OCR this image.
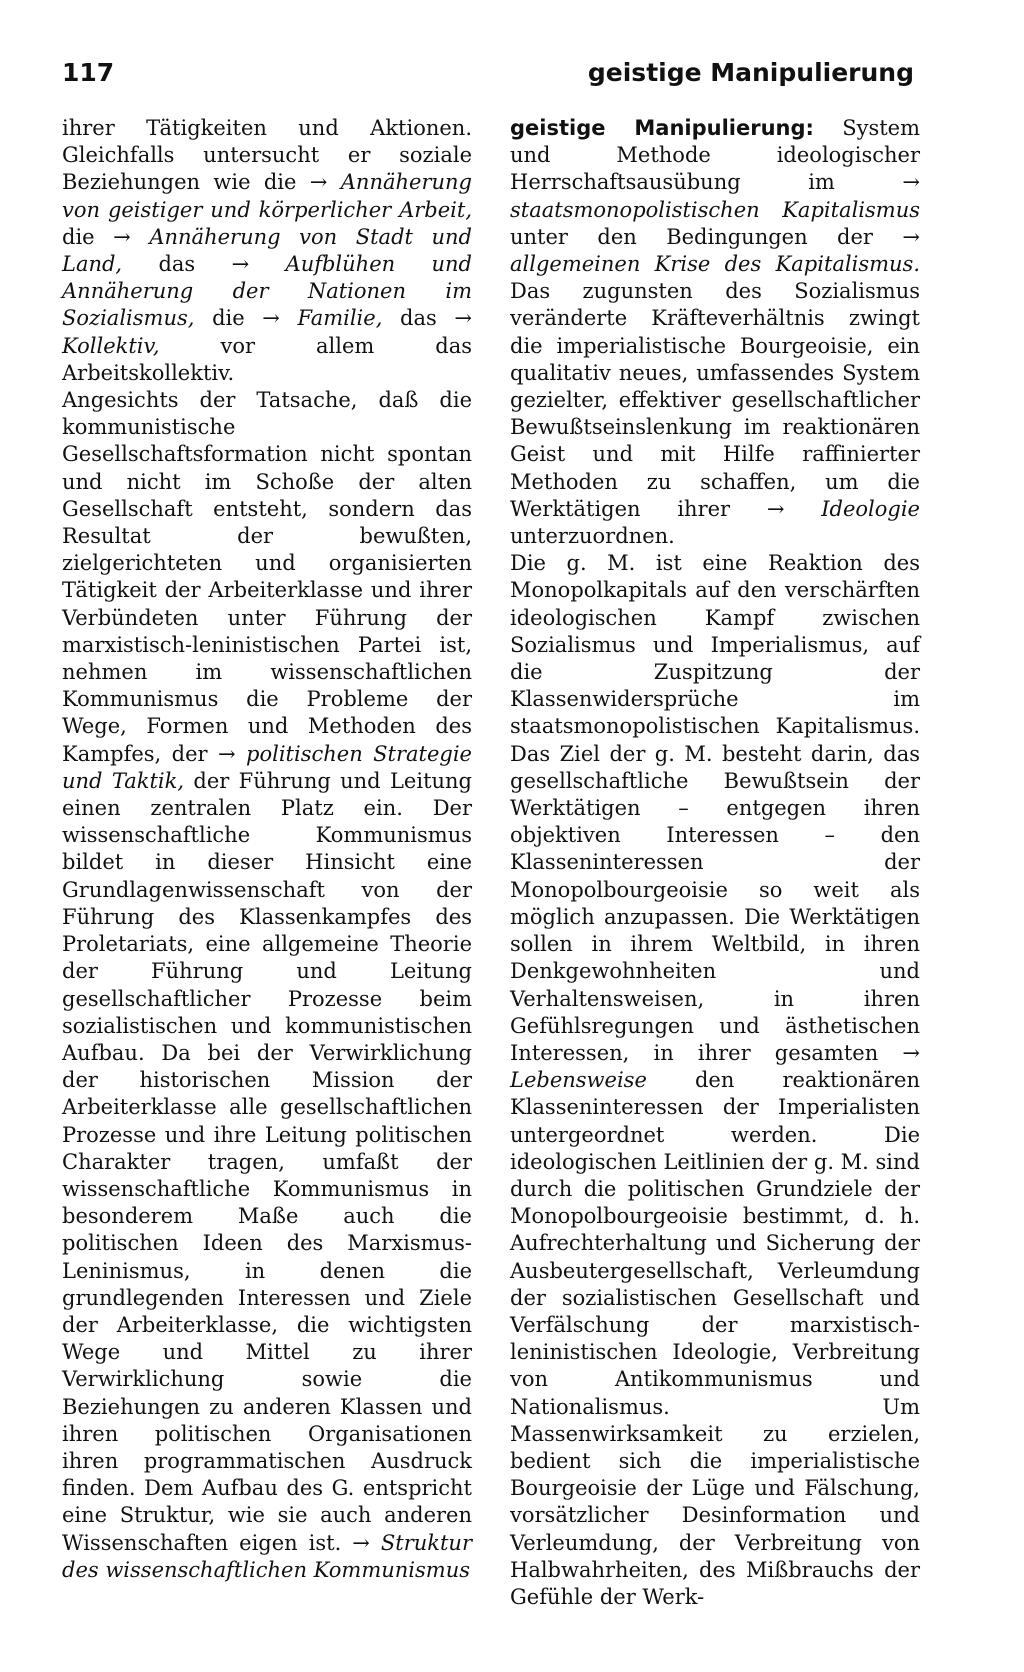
117	geistige Manipulierung

ihrer Tätigkeiten und Aktionen. Gleichfalls untersucht er soziale Beziehungen wie die → Annäherung von geistiger und körperlicher Arbeit, die → Annäherung von Stadt und Land, das → Aufblühen und Annäherung der Nationen im Sozialismus, die → Familie, das → Kollektiv, vor allem das Arbeitskollektiv.

Angesichts der Tatsache, daß die kommunistische Gesellschaftsformation nicht spontan und nicht im Schoße der alten Gesellschaft entsteht, sondern das Resultat der bewußten, zielgerichteten und organisierten Tätigkeit der Arbeiterklasse und ihrer Verbündeten unter Führung der marxistisch-leninistischen Partei ist, nehmen im wissenschaftlichen Kommunismus die Probleme der Wege, Formen und Methoden des Kampfes, der → politischen Strategie und Taktik, der Führung und Leitung einen zentralen Platz ein. Der wissenschaftliche Kommunismus bildet in dieser Hinsicht eine Grundlagenwissenschaft von der Führung des Klassenkampfes des Proletariats, eine allgemeine Theorie der Führung und Leitung gesellschaftlicher Prozesse beim sozialistischen und kommunistischen Aufbau. Da bei der Verwirklichung der historischen Mission der Arbeiterklasse alle gesellschaftlichen Prozesse und ihre Leitung politischen Charakter tragen, umfaßt der wissenschaftliche Kommunismus in besonderem Maße auch die politischen Ideen des Marxismus-Leninismus, in denen die grundlegenden Interessen und Ziele der Arbeiterklasse, die wichtigsten Wege und Mittel zu ihrer Verwirklichung sowie die Beziehungen zu anderen Klassen und ihren politischen Organisationen ihren programmatischen Ausdruck finden. Dem Aufbau des G. entspricht eine Struktur, wie sie auch anderen Wissenschaften eigen ist. → Struktur des wissenschaftlichen Kommunismus

geistige Manipulierung: System und Methode ideologischer Herrschaftsausübung im → staatsmonopolistischen Kapitalismus unter den Bedingungen der → allgemeinen Krise des Kapitalismus. Das zugunsten des Sozialismus veränderte Kräfteverhältnis zwingt die imperialistische Bourgeoisie, ein qualitativ neues, umfassendes System gezielter, effektiver gesellschaftlicher Bewußtseinslenkung im reaktionären Geist und mit Hilfe raffinierter Methoden zu schaffen, um die Werktätigen ihrer → Ideologie unterzuordnen.

Die g. M. ist eine Reaktion des Monopolkapitals auf den verschärften ideologischen Kampf zwischen Sozialismus und Imperialismus, auf die Zuspitzung der Klassenwidersprüche im staatsmonopolistischen Kapitalismus. Das Ziel der g. M. besteht darin, das gesellschaftliche Bewußtsein der Werktätigen – entgegen ihren objektiven Interessen – den Klasseninteressen der Monopolbourgeoisie so weit als möglich anzupassen. Die Werktätigen sollen in ihrem Weltbild, in ihren Denkgewohnheiten und Verhaltensweisen, in ihren Gefühlsregungen und ästhetischen Interessen, in ihrer gesamten → Lebensweise den reaktionären Klasseninteressen der Imperialisten untergeordnet werden. Die ideologischen Leitlinien der g. M. sind durch die politischen Grundziele der Monopolbourgeoisie bestimmt, d. h. Aufrechterhaltung und Sicherung der Ausbeutergesellschaft, Verleumdung der sozialistischen Gesellschaft und Verfälschung der marxistisch-leninistischen Ideologie, Verbreitung von Antikommunismus und Nationalismus. Um Massenwirksamkeit zu erzielen, bedient sich die imperialistische Bourgeoisie der Lüge und Fälschung, vorsätzlicher Desinformation und Verleumdung, der Verbreitung von Halbwahrheiten, des Mißbrauchs der Gefühle der Werk-
